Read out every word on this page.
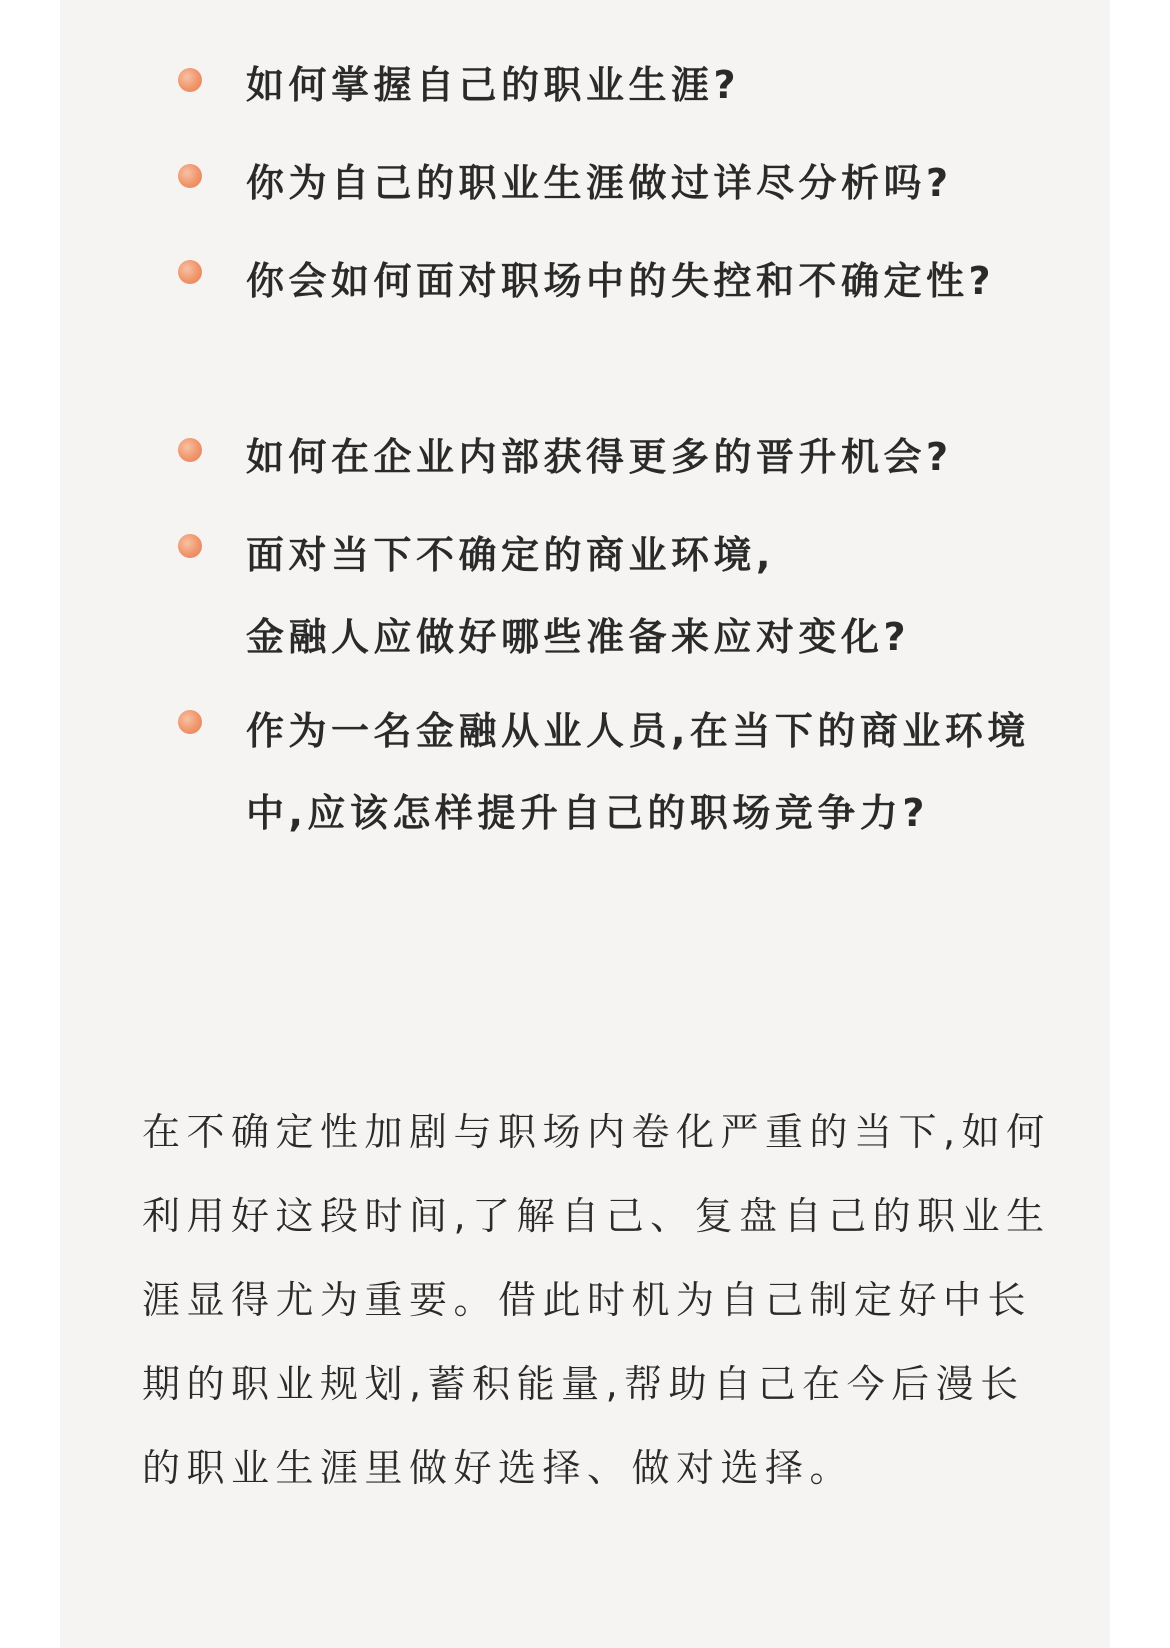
如何掌握自己的职业生涯?
你为自己的职业生涯做过详尽分析吗?
你会如何面对职场中的失控和不确定性?
如何在企业内部获得更多的晋升机会?
面对当下不确定的商业环境,
金融人应做好哪些准备来应对变化?
作为一名金融从业人员,在当下的商业环境中,应该怎样提升自己的职场竞争力?

在不确定性加剧与职场内卷化严重的当下,如何利用好这段时间,了解自己、复盘自己的职业生涯显得尤为重要。借此时机为自己制定好中长期的职业规划,蓄积能量,帮助自己在今后漫长的职业生涯里做好选择、做对选择。
